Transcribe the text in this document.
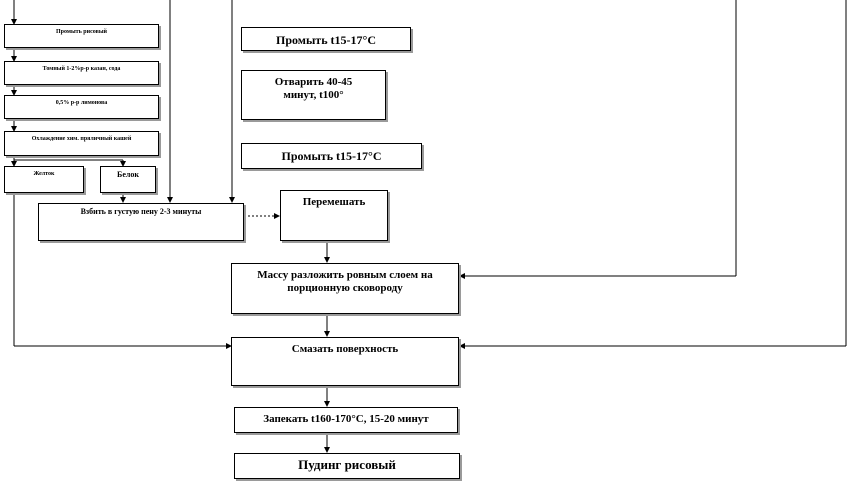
Промыть рисовый
Томный 1-2%р-р казан, сода
0,5% р-р лимонова
Охлаждение хим. пряличный кашей
Желток	Белок
Промыть t15-17°С
Отварить 40-45
минут, t100°
Промыть t15-17°С
Взбить в густую пену 2-3 минуты
Перемешать
Массу разложить ровным слоем на
порционную сковороду
Смазать поверхность
Запекать t160-170°С, 15-20 минут
Пудинг рисовый
